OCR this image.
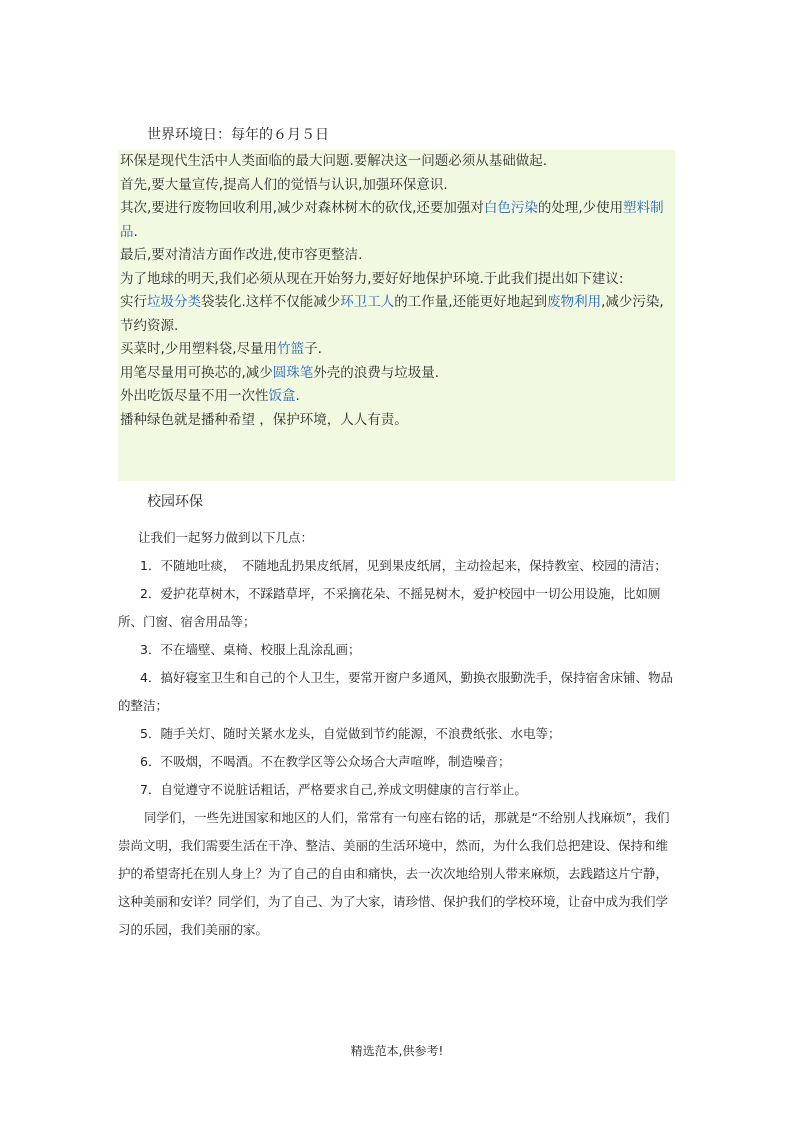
世界环境日：每年的６月５日

环保是现代生活中人类面临的最大问题.要解决这一问题必须从基础做起.

首先,要大量宣传,提高人们的觉悟与认识,加强环保意识.

其次,要进行废物回收利用,减少对森林树木的砍伐,还要加强对白色污染的处理,少使用塑料制品.

最后,要对清洁方面作改进,使市容更整洁.

为了地球的明天,我们必须从现在开始努力,要好好地保护环境.于此我们提出如下建议:

实行垃圾分类袋装化.这样不仅能减少环卫工人的工作量,还能更好地起到废物利用,减少污染,节约资源.

买菜时,少用塑料袋,尽量用竹篮子.

用笔尽量用可换芯的,减少圆珠笔外壳的浪费与垃圾量.

外出吃饭尽量不用一次性饭盒.

播种绿色就是播种希望 ，保护环境，人人有责。

校园环保
让我们一起努力做到以下几点：

1．不随地吐痰，　不随地乱扔果皮纸屑，见到果皮纸屑，主动捡起来，保持教室、校园的清洁；

2．爱护花草树木，不踩踏草坪，不采摘花朵、不摇晃树木，爱护校园中一切公用设施，比如厕所、门窗、宿舍用品等；

3．不在墙壁、桌椅、校服上乱涂乱画；

4．搞好寝室卫生和自己的个人卫生，要常开窗户多通风，勤换衣服勤洗手，保持宿舍床铺、物品的整洁；

5．随手关灯、随时关紧水龙头，自觉做到节约能源，不浪费纸张、水电等；

6．不吸烟，不喝酒。不在教学区等公众场合大声喧哗，制造噪音；

7．自觉遵守不说脏话粗话，严格要求自己,养成文明健康的言行举止。

同学们，一些先进国家和地区的人们，常常有一句座右铭的话，那就是“不给别人找麻烦”，我们崇尚文明，我们需要生活在干净、整洁、美丽的生活环境中，然而，为什么我们总把建设、保持和维护的希望寄托在别人身上？为了自己的自由和痛快，去一次次地给别人带来麻烦，去践踏这片宁静，这种美丽和安详？同学们，为了自己、为了大家，请珍惜、保护我们的学校环境，让奋中成为我们学习的乐园，我们美丽的家。

精选范本,供参考!
